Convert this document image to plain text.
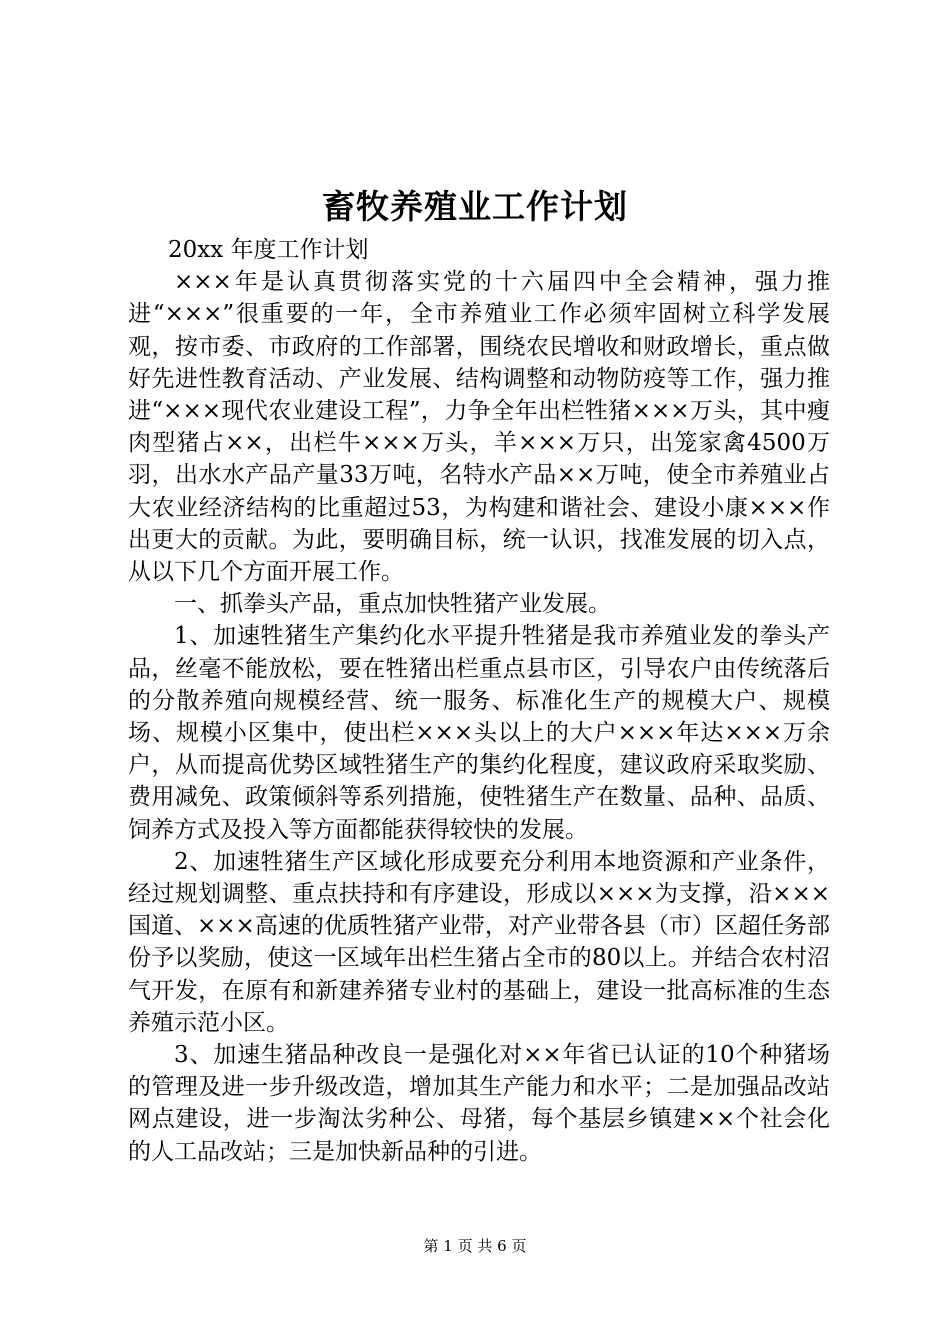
畜牧养殖业工作计划

20xx 年度工作计划

×××年是认真贯彻落实党的十六届四中全会精神，强力推进“×××”很重要的一年，全市养殖业工作必须牢固树立科学发展观，按市委、市政府的工作部署，围绕农民增收和财政增长，重点做好先进性教育活动、产业发展、结构调整和动物防疫等工作，强力推进“×××现代农业建设工程”，力争全年出栏牲猪×××万头，其中瘦肉型猪占××，出栏牛×××万头，羊×××万只，出笼家禽4500万羽，出水水产品产量33万吨，名特水产品××万吨，使全市养殖业占大农业经济结构的比重超过53，为构建和谐社会、建设小康×××作出更大的贡献。为此，要明确目标，统一认识，找准发展的切入点，从以下几个方面开展工作。

一、抓拳头产品，重点加快牲猪产业发展。

1、加速牲猪生产集约化水平提升牲猪是我市养殖业发的拳头产品，丝毫不能放松，要在牲猪出栏重点县市区，引导农户由传统落后的分散养殖向规模经营、统一服务、标准化生产的规模大户、规模场、规模小区集中，使出栏×××头以上的大户×××年达×××万余户，从而提高优势区域牲猪生产的集约化程度，建议政府采取奖励、费用减免、政策倾斜等系列措施，使牲猪生产在数量、品种、品质、饲养方式及投入等方面都能获得较快的发展。

2、加速牲猪生产区域化形成要充分利用本地资源和产业条件，经过规划调整、重点扶持和有序建设，形成以×××为支撑，沿×××国道、×××高速的优质牲猪产业带，对产业带各县（市）区超任务部份予以奖励，使这一区域年出栏生猪占全市的80以上。并结合农村沼气开发，在原有和新建养猪专业村的基础上，建设一批高标准的生态养殖示范小区。

3、加速生猪品种改良一是强化对××年省已认证的10个种猪场的管理及进一步升级改造，增加其生产能力和水平；二是加强品改站网点建设，进一步淘汰劣种公、母猪，每个基层乡镇建××个社会化的人工品改站；三是加快新品种的引进。

第 1 页 共 6 页
